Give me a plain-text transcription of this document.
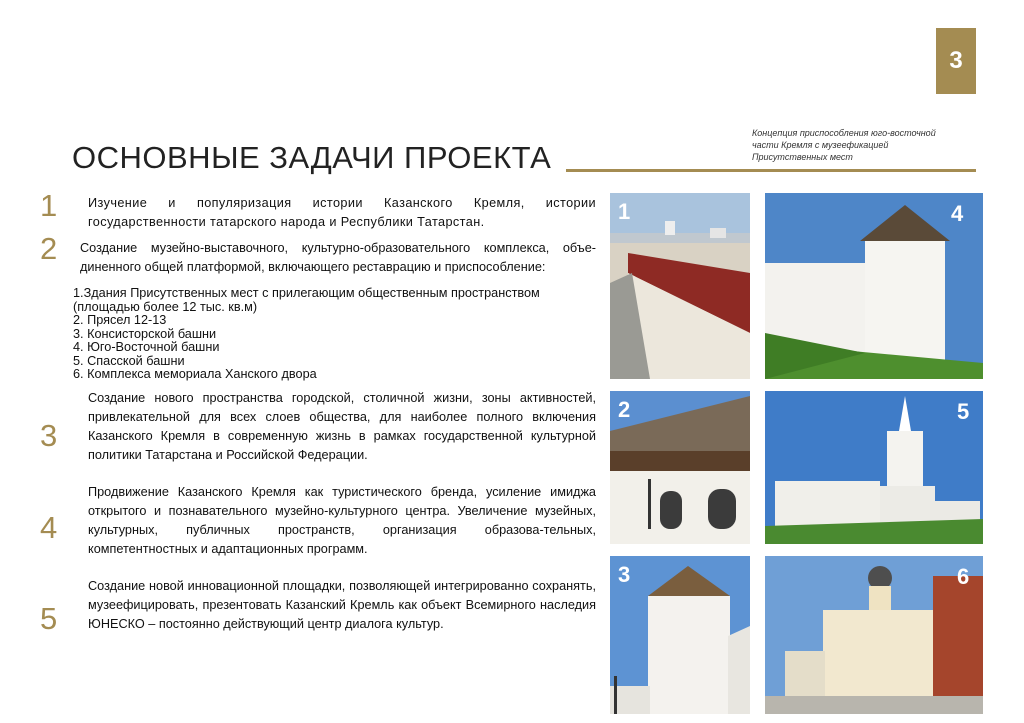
3
Концепция приспособления юго-восточной части Кремля с музеефикацией Присутственных мест
ОСНОВНЫЕ ЗАДАЧИ ПРОЕКТА
1
2
3
4
5
Изучение и популяризация истории Казанского Кремля, истории государственности татарского народа и Республики Татарстан.
Создание музейно-выставочного, культурно-образовательного комплекса, объе-диненного общей платформой, включающего реставрацию и приспособление:
1.Здания Присутственных мест с прилегающим общественным пространством
(площадью более 12 тыс. кв.м)
2. Прясел 12-13
3. Консисторской башни
4. Юго-Восточной башни
5. Спасской башни
6. Комплекса мемориала Ханского двора
Создание нового пространства городской, столичной жизни, зоны активностей, привлекательной для всех слоев общества, для наиболее полного включения Казанского Кремля в современную жизнь в рамках государственной культурной политики Татарстана и Российской Федерации.
Продвижение Казанского Кремля как туристического бренда, усиление имиджа открытого и познавательного музейно-культурного центра. Увеличение музейных, культурных, публичных пространств, организация образова-тельных, компетентностных и адаптационных программ.
Создание новой инновационной площадки, позволяющей интегрированно сохранять, музеефицировать, презентовать Казанский Кремль как объект Всемирного наследия ЮНЕСКО – постоянно действующий центр диалога культур.
1
2
3
4
5
6
